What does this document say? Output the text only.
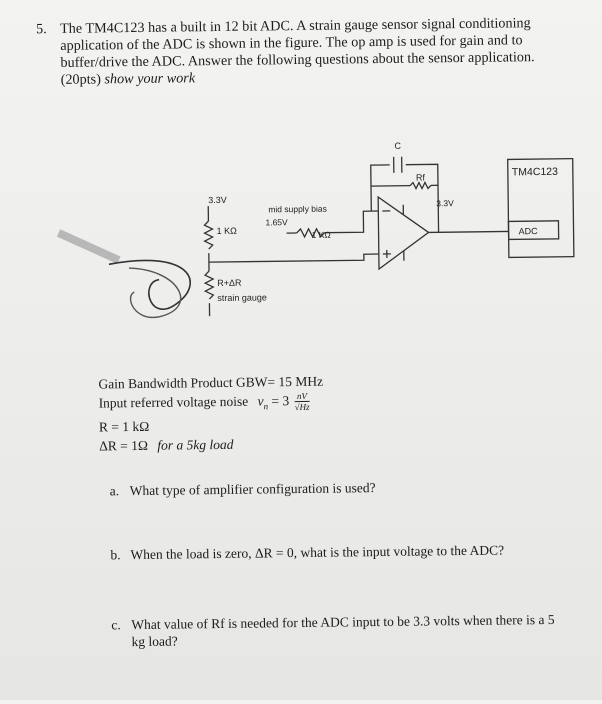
5. The TM4C123 has a built in 12 bit ADC. A strain gauge sensor signal conditioning
application of the ADC is shown in the figure. The op amp is used for gain and to
buffer/drive the ADC. Answer the following questions about the sensor application.
(20pts) show your work
3.3V
1 KΩ
R+ΔR
strain gauge
mid supply bias
1.65V
1 KΩ
C
Rf
3.3V
TM4C123
ADC
Gain Bandwidth Product GBW= 15 MHz
Input referred voltage noise $v_n = 3 \frac{nV}{√Hz}$
R = 1 kΩ
ΔR = 1Ω for a 5kg load

a. What type of amplifier configuration is used?
b. When the load is zero, ΔR = 0, what is the input voltage to the ADC?
c. What value of Rf is needed for the ADC input to be 3.3 volts when there is a 5
kg load?
